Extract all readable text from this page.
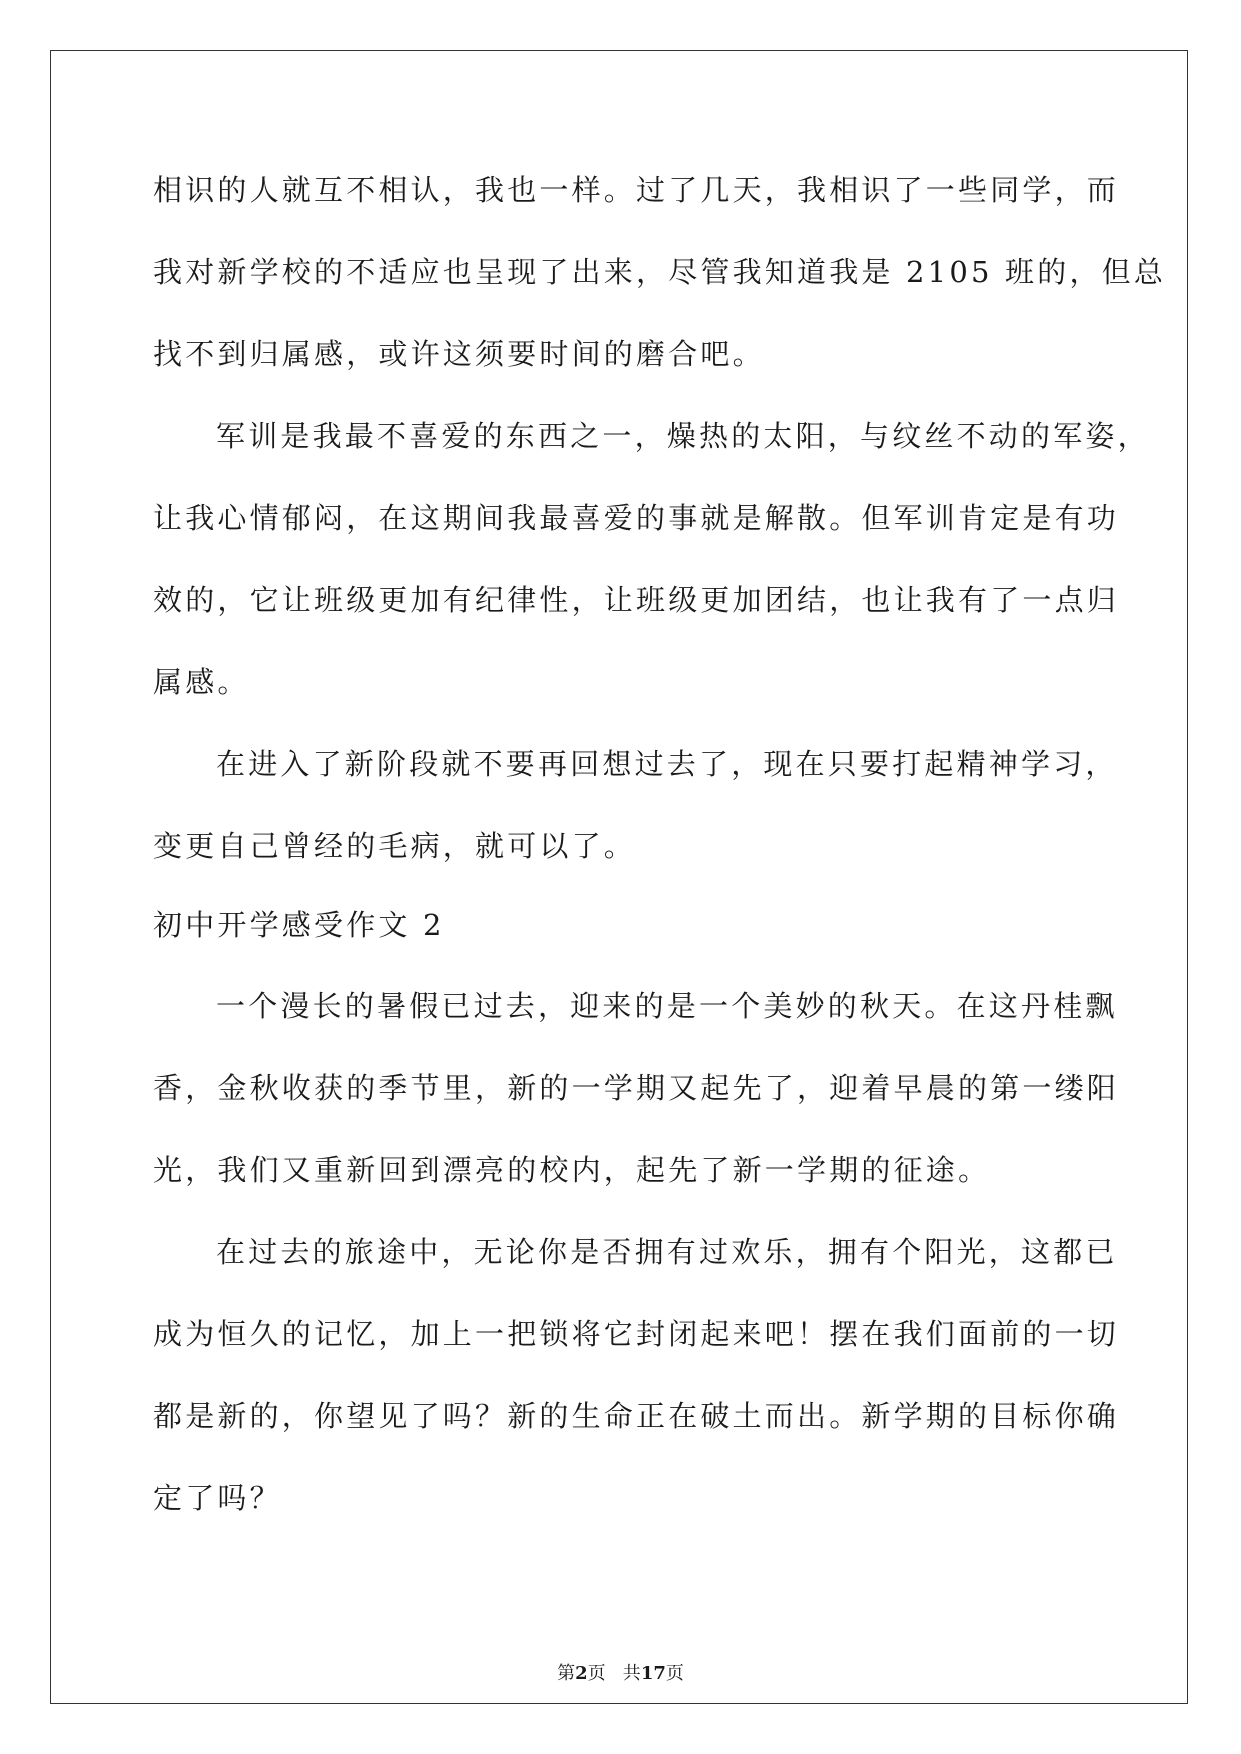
相识的人就互不相认，我也一样。过了几天，我相识了一些同学，而
我对新学校的不适应也呈现了出来，尽管我知道我是 2105 班的，但总
找不到归属感，或许这须要时间的磨合吧。
军训是我最不喜爱的东西之一，燥热的太阳，与纹丝不动的军姿，
让我心情郁闷，在这期间我最喜爱的事就是解散。但军训肯定是有功
效的，它让班级更加有纪律性，让班级更加团结，也让我有了一点归
属感。
在进入了新阶段就不要再回想过去了，现在只要打起精神学习，
变更自己曾经的毛病，就可以了。
初中开学感受作文 2
一个漫长的暑假已过去，迎来的是一个美妙的秋天。在这丹桂飘
香，金秋收获的季节里，新的一学期又起先了，迎着早晨的第一缕阳
光，我们又重新回到漂亮的校内，起先了新一学期的征途。
在过去的旅途中，无论你是否拥有过欢乐，拥有个阳光，这都已
成为恒久的记忆，加上一把锁将它封闭起来吧！摆在我们面前的一切
都是新的，你望见了吗？新的生命正在破土而出。新学期的目标你确
定了吗？
第2页   共17页
